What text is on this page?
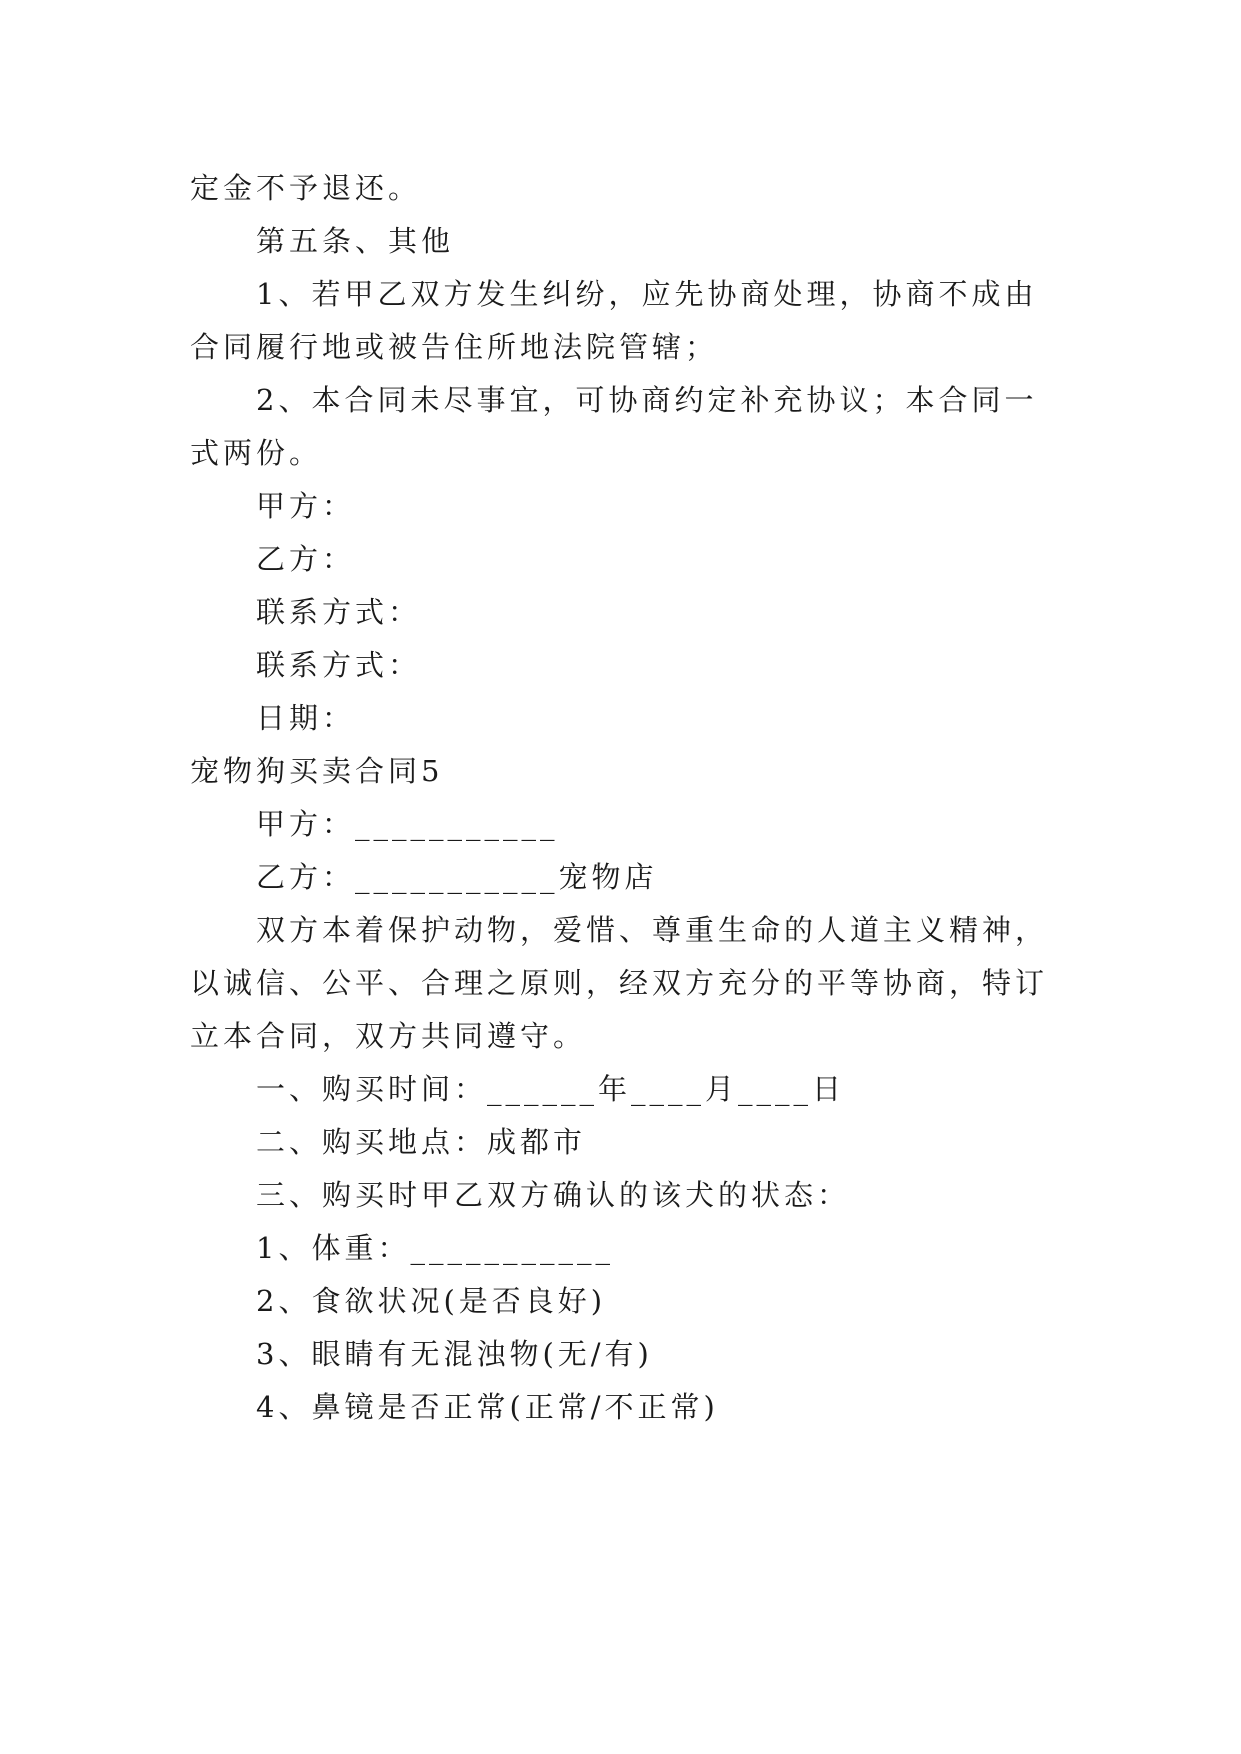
定金不予退还。
第五条、其他
1、若甲乙双方发生纠纷，应先协商处理，协商不成由
合同履行地或被告住所地法院管辖；
2、本合同未尽事宜，可协商约定补充协议；本合同一
式两份。
甲方：
乙方：
联系方式：
联系方式：
日期：
宠物狗买卖合同5
甲方：___________
乙方：___________宠物店
双方本着保护动物，爱惜、尊重生命的人道主义精神，
以诚信、公平、合理之原则，经双方充分的平等协商，特订
立本合同，双方共同遵守。
一、购买时间：______年____月____日
二、购买地点：成都市
三、购买时甲乙双方确认的该犬的状态：
1、体重：___________
2、食欲状况(是否良好)
3、眼睛有无混浊物(无/有)
4、鼻镜是否正常(正常/不正常)
